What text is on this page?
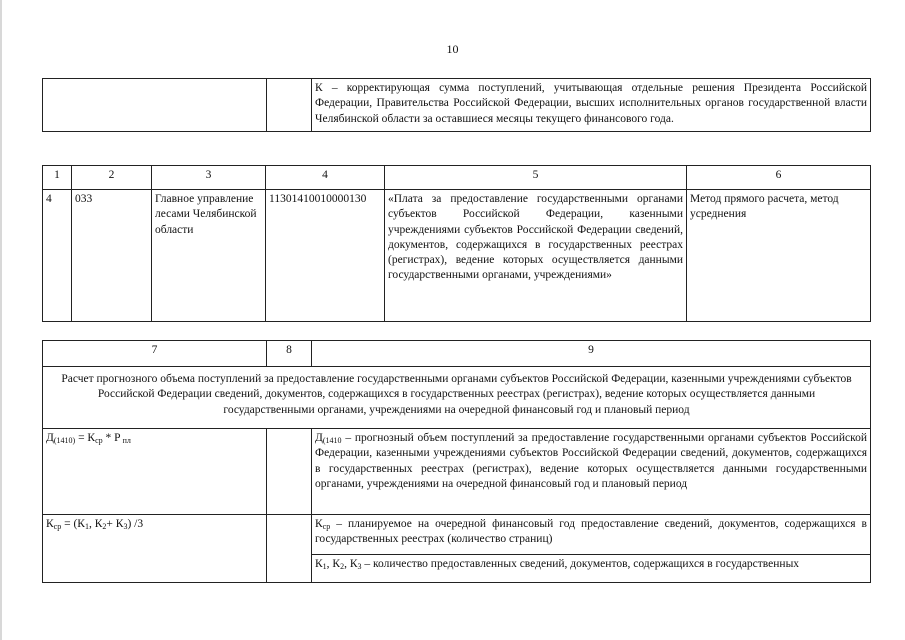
10
		К – корректирующая сумма поступлений, учитывающая отдельные решения Президента Российской Федерации, Правительства Российской Федерации, высших исполнительных органов государственной власти Челябинской области за оставшиеся месяцы текущего финансового года.
1	2	3	4	5	6
4	033	Главное управление лесами Челябинской области	11301410010000130	«Плата за предоставление государственными органами субъектов Российской Федерации, казенными учреждениями субъектов Российской Федерации сведений, документов, содержащихся в государственных реестрах (регистрах), ведение которых осуществляется данными государственными органами, учреждениями»	Метод прямого расчета, метод усреднения
7	8	9
Расчет прогнозного объема поступлений за предоставление государственными органами субъектов Российской Федерации, казенными учреждениями субъектов Российской Федерации сведений, документов, содержащихся в государственных реестрах (регистрах), ведение которых осуществляется данными государственными органами, учреждениями на очередной финансовый год и плановый период		
$Д_{(1410)} = К_{ср} * Р$ $_{пл}$		$Д_{(1410}$ – прогнозный объем поступлений за предоставление государственными органами субъектов Российской Федерации, казенными учреждениями субъектов Российской Федерации сведений, документов, содержащихся в государственных реестрах (регистрах), ведение которых осуществляется данными государственными органами, учреждениями на очередной финансовый год и плановый период
$К_{ср} = (К_1$, $К_2+ К_3$) /3		$К_{ср}$ – планируемое на очередной финансовый год предоставление сведений, документов, содержащихся в государственных реестрах (количество страниц)
		$К_1$, $К_2$, $К_3$ – количество предоставленных сведений, документов, содержащихся в государственных
